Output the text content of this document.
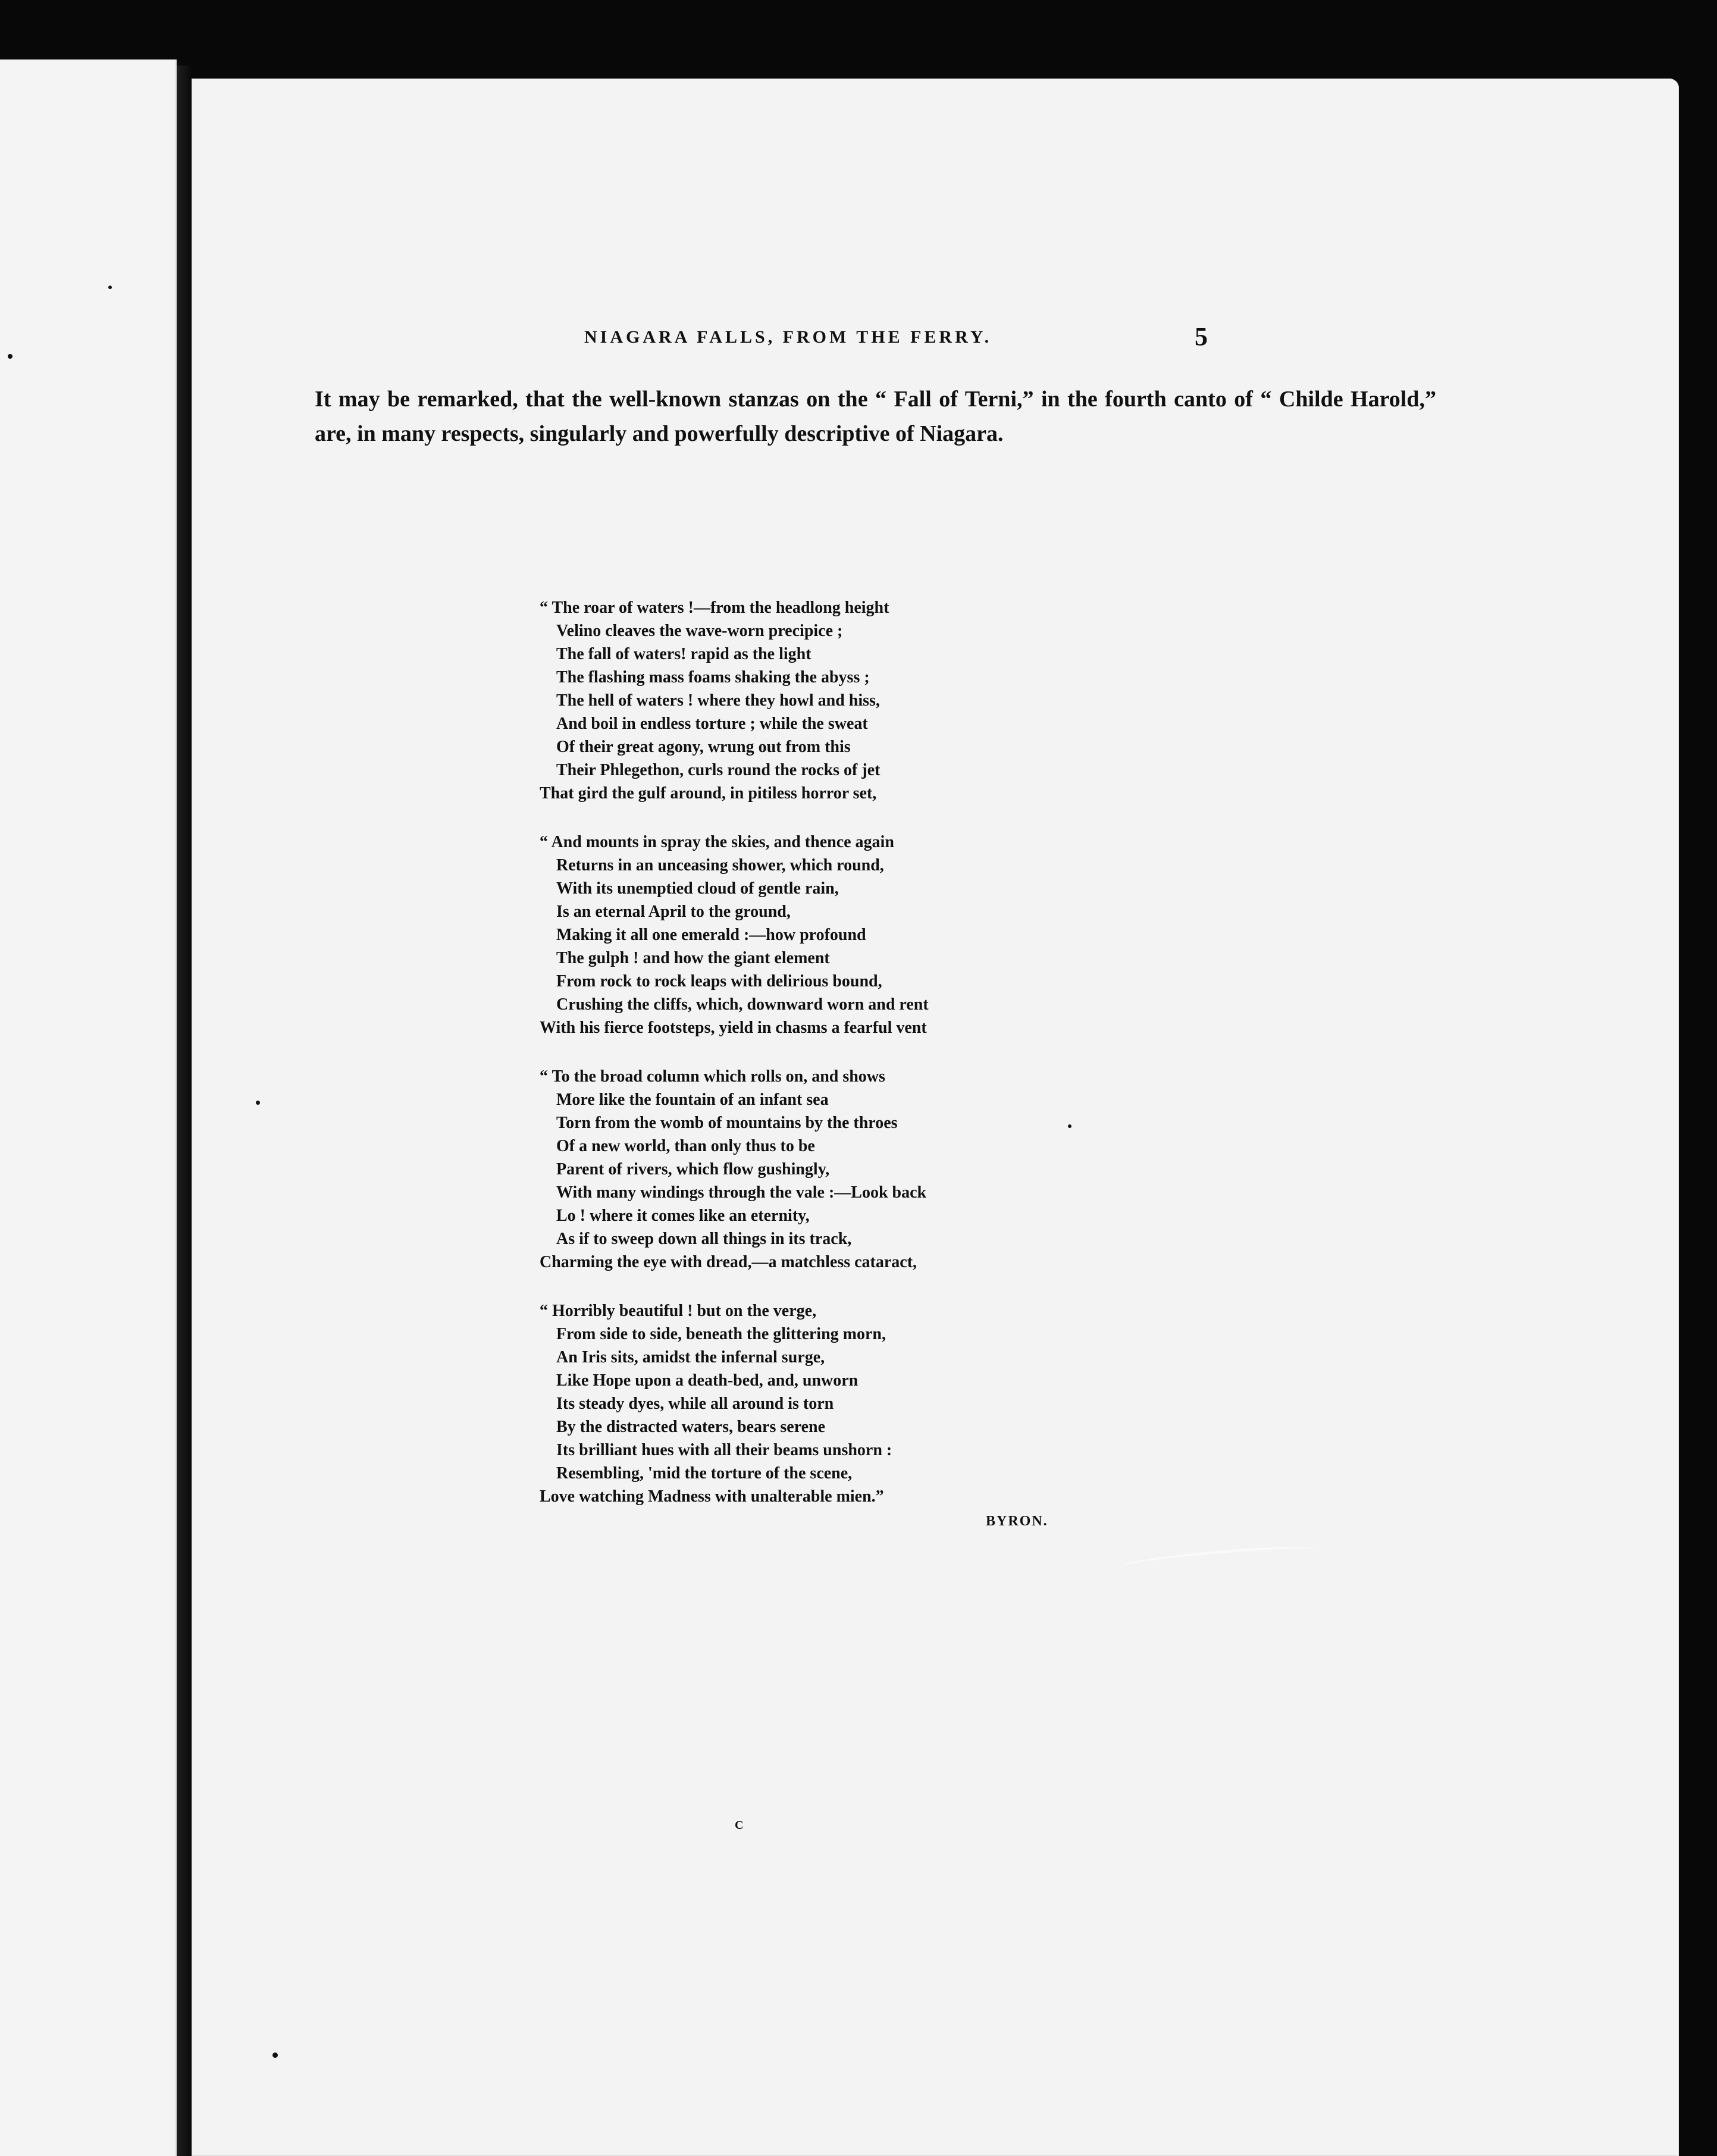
NIAGARA FALLS, FROM THE FERRY.	5
It may be remarked, that the well-known stanzas on the “ Fall of Terni,” in the fourth canto of “ Childe Harold,” are, in many respects, singularly and powerfully descriptive of Niagara.
“ The roar of waters !—from the headlong height
Velino cleaves the wave-worn precipice ;
The fall of waters! rapid as the light
The flashing mass foams shaking the abyss ;
The hell of waters ! where they howl and hiss,
And boil in endless torture ; while the sweat
Of their great agony, wrung out from this
Their Phlegethon, curls round the rocks of jet
That gird the gulf around, in pitiless horror set,
“ And mounts in spray the skies, and thence again
Returns in an unceasing shower, which round,
With its unemptied cloud of gentle rain,
Is an eternal April to the ground,
Making it all one emerald :—how profound
The gulph ! and how the giant element
From rock to rock leaps with delirious bound,
Crushing the cliffs, which, downward worn and rent
With his fierce footsteps, yield in chasms a fearful vent
“ To the broad column which rolls on, and shows
More like the fountain of an infant sea
Torn from the womb of mountains by the throes
Of a new world, than only thus to be
Parent of rivers, which flow gushingly,
With many windings through the vale :—Look back
Lo ! where it comes like an eternity,
As if to sweep down all things in its track,
Charming the eye with dread,—a matchless cataract,
“ Horribly beautiful ! but on the verge,
From side to side, beneath the glittering morn,
An Iris sits, amidst the infernal surge,
Like Hope upon a death-bed, and, unworn
Its steady dyes, while all around is torn
By the distracted waters, bears serene
Its brilliant hues with all their beams unshorn :
Resembling, 'mid the torture of the scene,
Love watching Madness with unalterable mien.”
BYRON.
C
